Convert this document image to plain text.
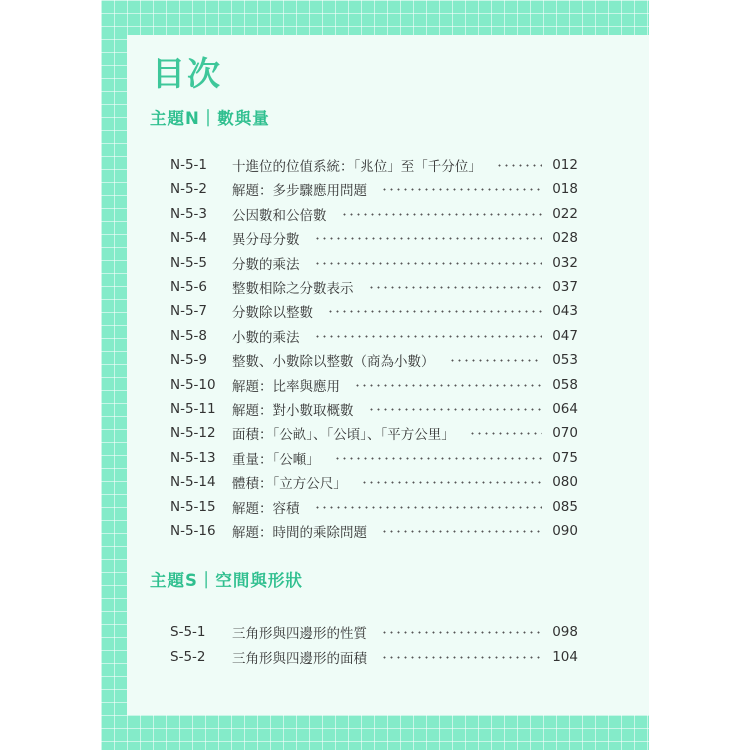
目次
主題N｜數與量
N-5-1	十進位的位值系統：「兆位」至「千分位」	012
N-5-2	解題：多步驟應用問題	018
N-5-3	公因數和公倍數	022
N-5-4	異分母分數	028
N-5-5	分數的乘法	032
N-5-6	整數相除之分數表示	037
N-5-7	分數除以整數	043
N-5-8	小數的乘法	047
N-5-9	整數、小數除以整數（商為小數）	053
N-5-10	解題：比率與應用	058
N-5-11	解題：對小數取概數	064
N-5-12	面積：「公畝」、「公頃」、「平方公里」	070
N-5-13	重量：「公噸」	075
N-5-14	體積：「立方公尺」	080
N-5-15	解題：容積	085
N-5-16	解題：時間的乘除問題	090
主題S｜空間與形狀
S-5-1	三角形與四邊形的性質	098
S-5-2	三角形與四邊形的面積	104
